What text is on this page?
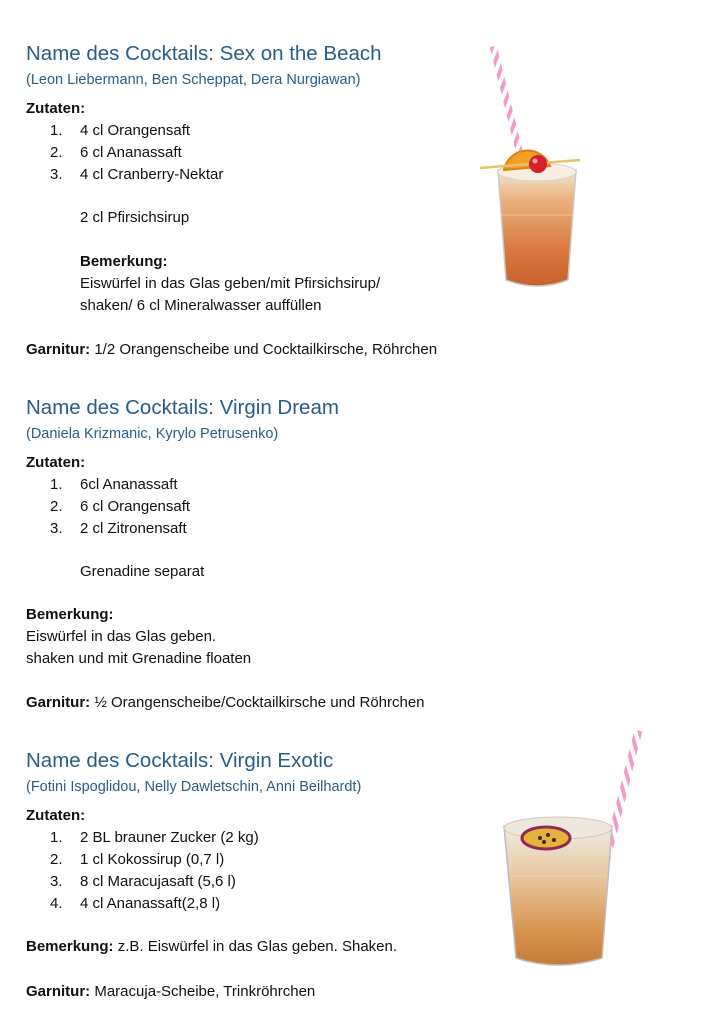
Name des Cocktails: Sex on the Beach

(Leon Liebermann, Ben Scheppat, Dera Nurgiawan)

Zutaten:

1. 4 cl Orangensaft
2. 6 cl Ananassaft
3. 4 cl Cranberry-Nektar

2 cl Pfirsichsirup

Bemerkung:

Eiswürfel in das Glas geben/mit Pfirsichsirup/

shaken/ 6 cl Mineralwasser auffüllen

Garnitur: 1/2 Orangenscheibe und Cocktailkirsche, Röhrchen

Name des Cocktails: Virgin Dream

(Daniela Krizmanic, Kyrylo Petrusenko)

Zutaten:

1. 6cl Ananassaft
2. 6 cl Orangensaft
3. 2 cl Zitronensaft

Grenadine separat

Bemerkung:

Eiswürfel in das Glas geben.

shaken und mit Grenadine floaten

Garnitur: ½ Orangenscheibe/Cocktailkirsche und Röhrchen

Name des Cocktails: Virgin Exotic

(Fotini Ispoglidou, Nelly Dawletschin, Anni Beilhardt)

Zutaten:

1. 2 BL brauner Zucker (2 kg)
2. 1 cl Kokossirup (0,7 l)
3. 8 cl Maracujasaft (5,6 l)
4. 4 cl Ananassaft(2,8 l)

Bemerkung: z.B. Eiswürfel in das Glas geben. Shaken.

Garnitur: Maracuja-Scheibe, Trinkröhrchen
